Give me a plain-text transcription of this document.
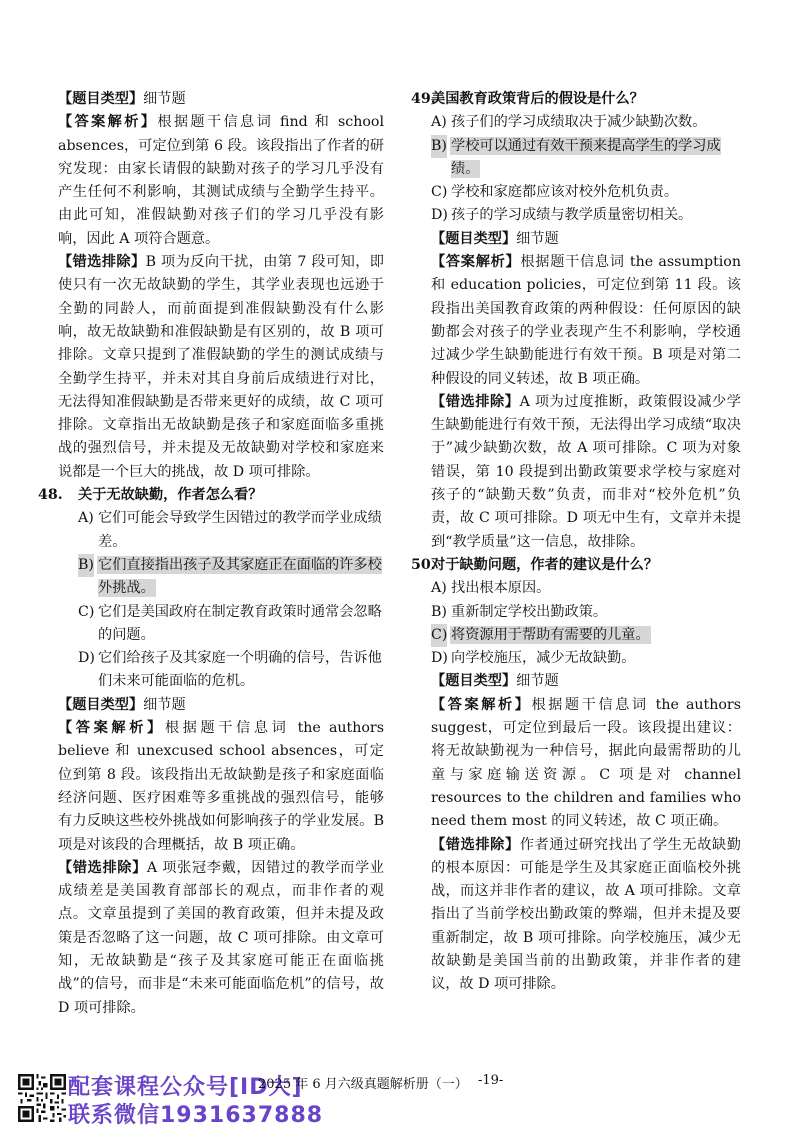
【题目类型】细节题

【答案解析】根据题干信息词 find 和 school absences，可定位到第 6 段。该段指出了作者的研究发现：由家长请假的缺勤对孩子的学习几乎没有产生任何不利影响，其测试成绩与全勤学生持平。由此可知，准假缺勤对孩子们的学习几乎没有影响，因此 A 项符合题意。

【错选排除】B 项为反向干扰，由第 7 段可知，即使只有一次无故缺勤的学生，其学业表现也远逊于全勤的同龄人，而前面提到准假缺勤没有什么影响，故无故缺勤和准假缺勤是有区别的，故 B 项可排除。文章只提到了准假缺勤的学生的测试成绩与全勤学生持平，并未对其自身前后成绩进行对比，无法得知准假缺勤是否带来更好的成绩，故 C 项可排除。文章指出无故缺勤是孩子和家庭面临多重挑战的强烈信号，并未提及无故缺勤对学校和家庭来说都是一个巨大的挑战，故 D 项可排除。

48. 关于无故缺勤，作者怎么看？

A) 它们可能会导致学生因错过的教学而学业成绩差。

B) 它们直接指出孩子及其家庭正在面临的许多校外挑战。

C) 它们是美国政府在制定教育政策时通常会忽略的问题。

D) 它们给孩子及其家庭一个明确的信号，告诉他们未来可能面临的危机。

【题目类型】细节题

【答案解析】根据题干信息词 the authors believe 和 unexcused school absences，可定位到第 8 段。该段指出无故缺勤是孩子和家庭面临经济问题、医疗困难等多重挑战的强烈信号，能够有力反映这些校外挑战如何影响孩子的学业发展。B 项是对该段的合理概括，故 B 项正确。

【错选排除】A 项张冠李戴，因错过的教学而学业成绩差是美国教育部部长的观点，而非作者的观点。文章虽提到了美国的教育政策，但并未提及政策是否忽略了这一问题，故 C 项可排除。由文章可知，无故缺勤是“孩子及其家庭可能正在面临挑战”的信号，而非是“未来可能面临危机”的信号，故 D 项可排除。

49.
美国教育政策背后的假设是什么？

A) 孩子们的学习成绩取决于减少缺勤次数。

B) 学校可以通过有效干预来提高学生的学习成绩。

C) 学校和家庭都应该对校外危机负责。

D) 孩子的学习成绩与教学质量密切相关。

【题目类型】细节题

【答案解析】根据题干信息词 the assumption 和 education policies，可定位到第 11 段。该段指出美国教育政策的两种假设：任何原因的缺勤都会对孩子的学业表现产生不利影响，学校通过减少学生缺勤能进行有效干预。B 项是对第二种假设的同义转述，故 B 项正确。

【错选排除】A 项为过度推断，政策假设减少学生缺勤能进行有效干预，无法得出学习成绩“取决于”减少缺勤次数，故 A 项可排除。C 项为对象错误，第 10 段提到出勤政策要求学校与家庭对孩子的“缺勤天数”负责，而非对“校外危机”负责，故 C 项可排除。D 项无中生有，文章并未提到“教学质量”这一信息，故排除。

50.
对于缺勤问题，作者的建议是什么？

A) 找出根本原因。

B) 重新制定学校出勤政策。

C) 将资源用于帮助有需要的儿童。

D) 向学校施压，减少无故缺勤。

【题目类型】细节题

【答案解析】根据题干信息词 the authors suggest，可定位到最后一段。该段提出建议：将无故缺勤视为一种信号，据此向最需帮助的儿童与家庭输送资源。C 项是对 channel resources to the children and families who need them most 的同义转述，故 C 项正确。

【错选排除】作者通过研究找出了学生无故缺勤的根本原因：可能是学生及其家庭正面临校外挑战，而这并非作者的建议，故 A 项可排除。文章指出了当前学校出勤政策的弊端，但并未提及要重新制定，故 B 项可排除。向学校施压，减少无故缺勤是美国当前的出勤政策，并非作者的建议，故 D 项可排除。

配套课程公众号[ID大]
联系微信1931637888
2025 年 6 月六级真题解析册（一） -19-
